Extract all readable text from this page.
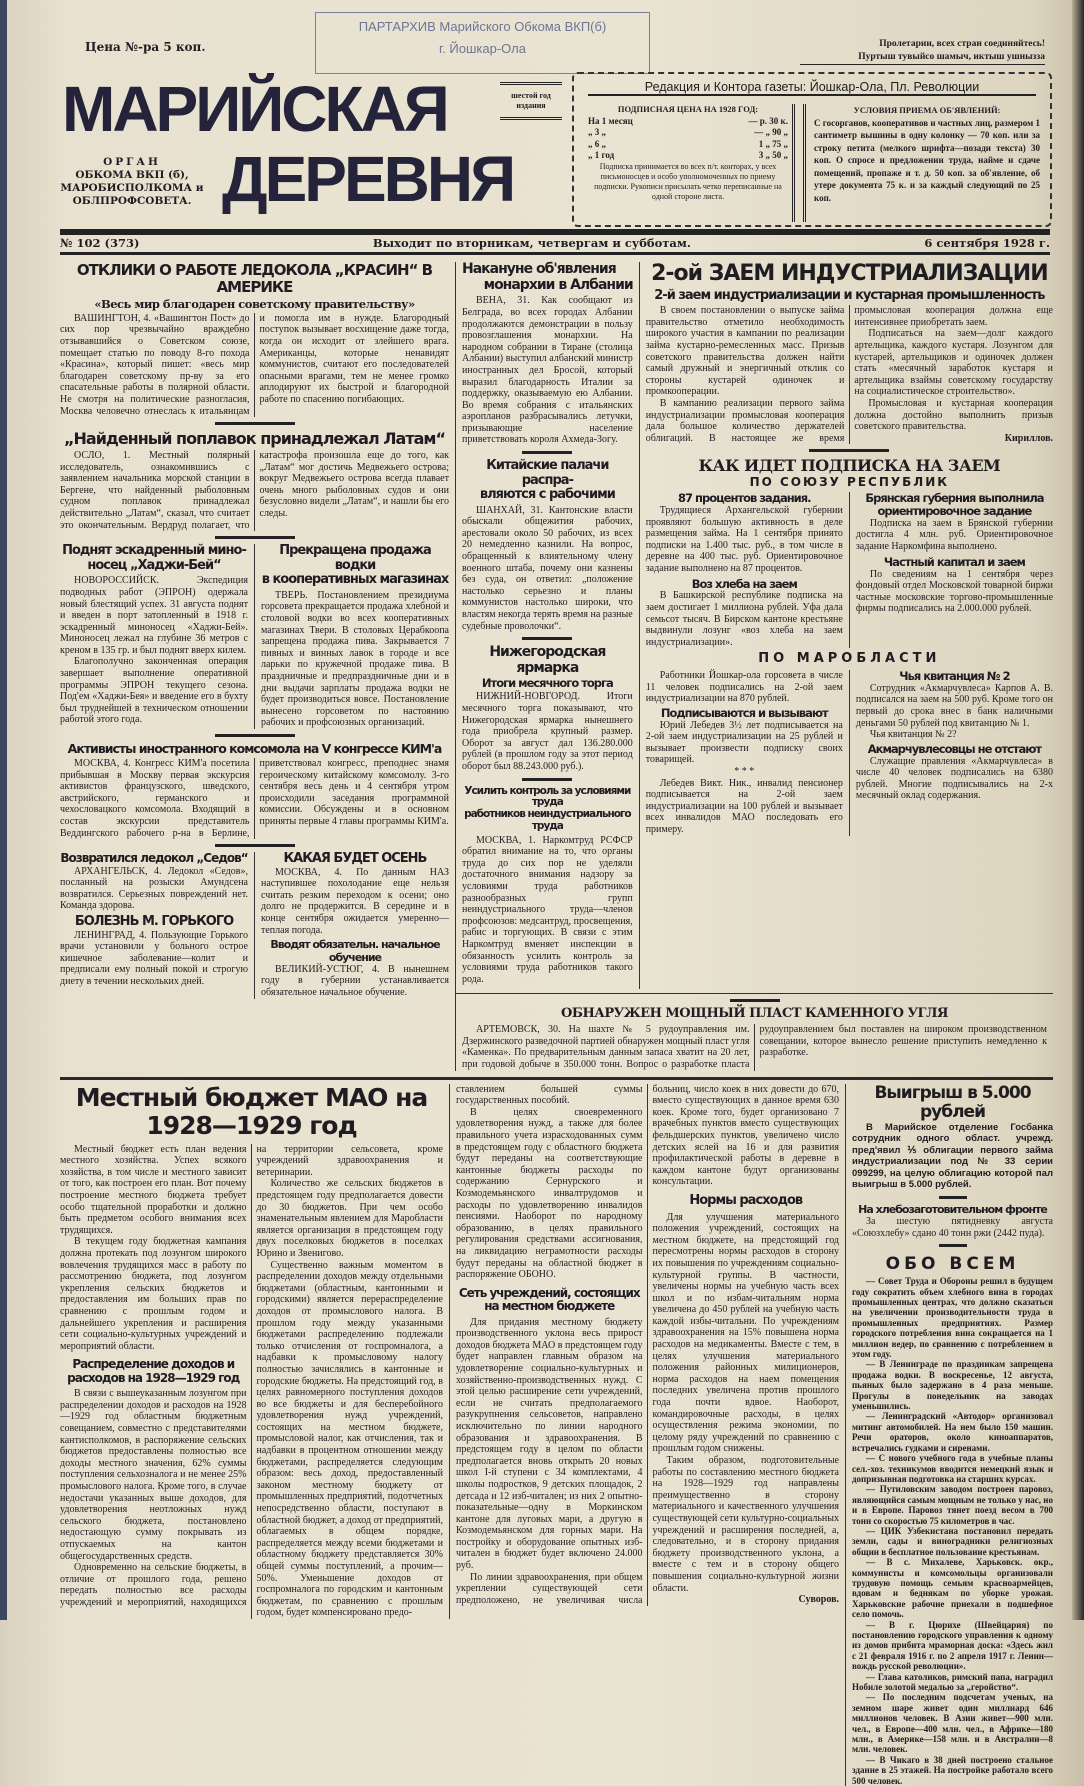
ПАРТАРХИВ Марийского Обкома ВКП(б)
г. Йошкар-Ола
Цена №-ра 5 коп.
МАРИЙСКАЯ
ДЕРЕВНЯ
шестой год издания
ОРГАН
ОБКОМА ВКП (б),
МАРОБИСПОЛКОМА и
ОБЛПРОФСОВЕТА.
Пролетарии, всех стран соединяйтесь!
Пуртыш тувыйсо шамыч, иктыш ушнызза
Редакция и Контора газеты: Йошкар-Ола, Пл. Революции
ПОДПИСНАЯ ЦЕНА НА 1928 ГОД:
На 1 месяц	— р. 30 к.
„ 3 „	— „ 90 „
„ 6 „	1 „ 75 „
„ 1 год	3 „ 50 „
Подписка принимается во всех п/т. конторах, у всех письмоносцев и особо уполномоченных по приему подписки. Рукописи присылать четко переписанные на одной стороне листа.
УСЛОВИЯ ПРИЕМА ОБ'ЯВЛЕНИЙ:
С госорганов, кооперативов и частных лиц, размером 1 сантиметр вышины в одну колонку — 70 коп. или за строку петита (мелкого шрифта—позади текста) 30 коп. О спросе и предложении труда, найме и сдаче помещений, пропаже и т. д. 50 коп. за об'явление, об утере документа 75 к. и за каждый следующий по 25 коп.
№ 102 (373)	Выходит по вторникам, четвергам и субботам.	6 сентября 1928 г.
ОТКЛИКИ О РАБОТЕ ЛЕДОКОЛА „КРАСИН“ В АМЕРИКЕ
«Весь мир благодарен советскому правительству»

ВАШИНГТОН, 4. «Вашингтон Пост» до сих пор чрезвычайно враждебно отзывавшийся о Советском союзе, помещает статью по поводу 8-го похода «Красина», который пишет: «весь мир благодарен советскому пр-ву за его спасательные работы в полярной области. Не смотря на политические разногласия, Москва человечно отнеслась к итальянцам и помогла им в нужде. Благородный поступок вызывает восхищение даже тогда, когда он исходит от злейшего врага. Американцы, которые ненавидят коммунистов, считают его последователей опасными врагами, тем не менее громко аплодируют их быстрой и благородной работе по спасению погибающих.

„Найденный поплавок принадлежал Латам“

ОСЛО, 1. Местный полярный исследователь, ознакомившись с заявлением начальника морской станции в Бергене, что найденный рыболовным судном поплавок принадлежал действительно „Латам“, сказал, что считает это окончательным. Вердруд полагает, что катастрофа произошла еще до того, как „Латам“ мог достичь Медвежьего острова; вокруг Медвежьего острова всегда плавает очень много рыболовных судов и они безусловно видели „Латам“, и нашли бы его следы.

Поднят эскадренный мино-
носец „Хаджи-Бей“

НОВОРОССИЙСК. Экспедиция подводных работ (ЭПРОН) одержала новый блестящий успех. 31 августа поднят и введен в порт затопленный в 1918 г. эскадренный миноносец «Хаджи-Бей». Миноносец лежал на глубине 36 метров с креном в 135 гр. и был поднят вверх килем.

Благополучно законченная операция завершает выполнение оперативной программы ЭПРОН текущего сезона. Под'ем «Хаджи-Бея» и введение его в бухту был труднейшей в техническом отношении работой этого года.

Прекращена продажа водки
в кооперативных магазинах

ТВЕРЬ. Постановлением президиума горсовета прекращается продажа хлебной и столовой водки во всех кооперативных магазинах Твери. В столовых Церабкоопа запрещена продажа пива. Закрывается 7 пивных и винных лавок в городе и все ларьки по кружечной продаже пива. В праздничные и предпраздничные дни и в дни выдачи зарплаты продажа водки не будет производиться вовсе. Постановление вынесено горсоветом по настоянию рабочих и профсоюзных организаций.

Активисты иностранного комсомола на V конгрессе КИМ'а

МОСКВА, 4. Конгресс КИМ'а посетила прибывшая в Москву первая экскурсия активистов французского, шведского, австрийского, германского и чехословацкого комсомола. Входящий в состав экскурсии представитель Веддингского рабочего р-на в Берлине, приветствовал конгресс, преподнес знамя героическому китайскому комсомолу. 3-го сентября весь день и 4 сентября утром происходили заседания программной комиссии. Обсуждены и в основном приняты первые 4 главы программы КИМ'а.

Возвратился ледокол „Седов“

АРХАНГЕЛЬСК, 4. Ледокол «Седов», посланный на розыски Амундсена возвратился. Серьезных повреждений нет. Команда здорова.

БОЛЕЗНЬ М. ГОРЬКОГО

ЛЕНИНГРАД, 4. Пользующие Горького врачи установили у больного острое кишечное заболевание—колит и предписали ему полный покой и строгую диету в течении нескольких дней.

КАКАЯ БУДЕТ ОСЕНЬ

МОСКВА, 4. По данным НАЗ наступившее похолодание еще нельзя считать резким переходом к осени; оно долго не продержится. В середине и в конце сентября ожидается умеренно—теплая погода.

Вводят обязательн. начальное обучение

ВЕЛИКИЙ-УСТЮГ, 4. В нынешнем году в губернии устанавливается обязательное начальное обучение.

Накануне об'явления
монархии в Албании

ВЕНА, 31. Как сообщают из Белграда, во всех городах Албании продолжаются демонстрации в пользу провозглашения монархии. На народном собрании в Тиране (столица Албании) выступил албанский министр иностранных дел Бросой, который выразил благодарность Италии за поддержку, оказываемую ею Албании. Во время собрания с итальянских аэропланов разбрасывались летучки, призывающие население приветствовать короля Ахмеда-Зогу.

Китайские палачи распра-
вляются с рабочими

ШАНХАЙ, 31. Кантонские власти обыскали общежития рабочих, арестовали около 50 рабочих, из всех 20 немедленно казнили. На вопрос, обращенный к влиятельному члену военного штаба, почему они казнены без суда, он ответил: „положение настолько серьезно и планы коммунистов настолько широки, что властям некогда терять время на разные судебные проволочки“.

Нижегородская ярмарка
Итоги месячного торга

НИЖНИЙ-НОВГОРОД. Итоги месячного торга показывают, что Нижегородская ярмарка нынешнего года приобрела крупный размер. Оборот за август дал 136.280.000 рублей (в прошлом году за этот период оборот был 88.243.000 руб.).

Усилить контроль за условиями труда
работников неиндустриального труда

МОСКВА, 1. Наркомтруд РСФСР обратил внимание на то, что органы труда до сих пор не уделяли достаточного внимания надзору за условиями труда работников разнообразных групп неиндустриального труда—членов профсоюзов: медсантруд, просвещения, рабис и торгующих. В связи с этим Наркомтруд вменяет инспекции в обязанность усилить контроль за условиями труда работников такого рода.

2-ой ЗАЕМ ИНДУСТРИАЛИЗАЦИИ
2-й заем индустриализации и кустарная промышленность

В своем постановлении о выпуске займа правительство отметило необходимость широкого участия в кампании по реализации займа кустарно-ремесленных масс. Призыв советского правительства должен найти самый дружный и энергичный отклик со стороны кустарей одиночек и промкооперации.

В кампанию реализации первого займа индустриализации промысловая кооперация дала большое количество держателей облигаций. В настоящее же время промысловая кооперация должна еще интенсивнее приобретать заем.

Подписаться на заем—долг каждого артельщика, каждого кустаря. Лозунгом для кустарей, артельщиков и одиночек должен стать «месячный заработок кустаря и артельщика взаймы советскому государству на социалистическое строительство».

Промысловая и кустарная кооперация должна достойно выполнить призыв советского правительства.

Кириллов.
КАК ИДЕТ ПОДПИСКА НА ЗАЕМ
ПО СОЮЗУ РЕСПУБЛИК
87 процентов задания.

Трудящиеся Архангельской губернии проявляют большую активность в деле размещения займа. На 1 сентября принято подписки на 1.400 тыс. руб., в том числе в деревне на 400 тыс. руб. Ориентировочное задание выполнено на 87 процентов.

Воз хлеба на заем

В Башкирской республике подписка на заем достигает 1 миллиона рублей. Уфа дала семьсот тысяч. В Бирском кантоне крестьяне выдвинули лозунг «воз хлеба на заем индустриализации».

Брянская губерния выполнила ориентировочное задание

Подписка на заем в Брянской губернии достигла 4 млн. руб. Ориентировочное задание Наркомфина выполнено.

Частный капитал и заем

По сведениям на 1 сентября через фондовый отдел Московской товарной биржи частные московские торгово-промышленные фирмы подписались на 2.000.000 рублей.

ПО МАРОБЛАСТИ

Работники Йошкар-ола горсовета в числе 11 человек подписались на 2-ой заем индустриализации на 870 рублей.

Подписываются и вызывают

Юрий Лебедев 3½ лет подписывается на 2-ой заем индустриализации на 25 рублей и вызывает произвести подписку своих товарищей.

* * *

Лебедев Викт. Ник., инвалид пенсионер подписывается на 2-ой заем индустриализации на 100 рублей и вызывает всех инвалидов МАО последовать его примеру.

Чья квитанция № 2

Сотрудник «Акмарчувлеса» Карпов А. В. подписался на заем на 500 руб. Кроме того он первый до срока внес в банк наличными деньгами 50 рублей под квитанцию № 1.

Чья квитанция № 2?

Акмарчувлесовцы не отстают

Служащие правления «Акмарчувлеса» в числе 40 человек подписались на 6380 рублей. Многие подписывались на 2-х месячный оклад содержания.

ОБНАРУЖЕН МОЩНЫЙ ПЛАСТ КАМЕННОГО УГЛЯ

АРТЕМОВСК, 30. На шахте № 5 рудоуправления им. Дзержинского разведочной партией обнаружен мощный пласт угля «Каменка». По предварительным данным запаса хватит на 20 лет, при годовой добыче в 350.000 тонн. Вопрос о разработке пласта рудоуправлением был поставлен на широком производственном совещании, которое вынесло решение приступить немедленно к разработке.

Местный бюджет МАО на 1928—1929 год

Местный бюджет есть план ведения местного хозяйства. Успех всякого хозяйства, в том числе и местного зависит от того, как построен его план. Вот почему построение местного бюджета требует особо тщательной проработки и должно быть предметом особого внимания всех трудящихся.

В текущем году бюджетная кампания должна протекать под лозунгом широкого вовлечения трудящихся масс в работу по рассмотрению бюджета, под лозунгом укрепления сельских бюджетов и предоставления им больших прав по сравнению с прошлым годом и дальнейшего укрепления и расширения сети социально-культурных учреждений и мероприятий области.

Распределение доходов и расходов на 1928—1929 год

В связи с вышеуказанным лозунгом при распределении доходов и расходов на 1928—1929 год областным бюджетным совещанием, совместно с представителями кантисполкомов, в распоряжение сельских бюджетов предоставлены полностью все доходы местного значения, 62% суммы поступления сельхозналога и не менее 25% промыслового налога. Кроме того, в случае недостачи указанных выше доходов, для удовлетворения неотложных нужд сельского бюджета, постановлено недостающую сумму покрывать из отпускаемых на кантон общегосударственных средств.

Одновременно на сельские бюджеты, в отличие от прошлого года, решено передать полностью все расходы учреждений и мероприятий, находящихся на территории сельсовета, кроме учреждений здравоохранения и ветеринарии.

Количество же сельских бюджетов в предстоящем году предполагается довести до 30 бюджетов. При чем особо знаменательным явлением для Маробласти является организация в предстоящем году двух поселковых бюджетов в поселках Юрино и Звенигово.

Существенно важным моментом в распределении доходов между отдельными бюджетами (областным, кантонными и городскими) является перераспределение доходов от промыслового налога. В прошлом году между указанными бюджетами распределению подлежали только отчисления от госпромналога, а надбавки к промысловому налогу полностью зачислялись в кантонные и городские бюджеты. На предстоящий год, в целях равномерного поступления доходов во все бюджеты и для бесперебойного удовлетворения нужд учреждений, состоящих на местном бюджете, промысловой налог, как отчисления, так и надбавки в процентном отношении между бюджетами, распределяется следующим образом: весь доход, предоставленный законом местному бюджету от промышленных предприятий, подотчетных непосредственно области, поступают в областной бюджет, а доход от предприятий, облагаемых в общем порядке, распределяется между всеми бюджетами и областному бюджету представляется 30% общей суммы поступлений, а прочим—50%. Уменьшение доходов от госпромналога по городским и кантонным бюджетам, по сравнению с прошлым годом, будет компенсировано предо-

ставлением большей суммы государственных пособий.

В целях своевременного удовлетворения нужд, а также для более правильного учета израсходованных сумм в предстоящем году с областного бюджета будут переданы на соответствующие кантонные бюджеты расходы по содержанию Сернурского и Козмодемьянского инвалтрудомов и расходы по удовлетворению инвалидов пенсиями. Наоборот по народному образованию, в целях правильного регулирования средствами ассигнования, на ликвидацию неграмотности расходы будут переданы на областной бюджет в распоряжение ОБОНО.

Сеть учреждений, состоящих на местном бюджете

Для придания местному бюджету производственного уклона весь прирост доходов бюджета МАО в предстоящем году будет направлен главным образом на удовлетворение социально-культурных и хозяйственно-производственных нужд. С этой целью расширение сети учреждений, если не считать предполагаемого разукрупнения сельсоветов, направлено исключительно по линии народного образования и здравоохранения. В предстоящем году в целом по области предполагается вновь открыть 20 новых школ I-й ступени с 34 комплектами, 4 школы подростков, 9 детских площадок, 2 детсада и 12 изб-читален; из них 2 опытно-показательные—одну в Моркинском кантоне для луговых мари, а другую в Козмодемьянском для горных мари. На постройку и оборудование опытных изб-читален в бюджет будет включено 24.000 руб.

По линии здравоохранения, при общем укреплении существующей сети предположено, не увеличивая числа больниц, число коек в них довести до 670, вместо существующих в данное время 630 коек. Кроме того, будет организовано 7 врачебных пунктов вместо существующих фельдшерских пунктов, увеличено число детских яслей на 16 и для развития профилактической работы в деревне в каждом кантоне будут организованы консультации.

Нормы расходов

Для улучшения материального положения учреждений, состоящих на местном бюджете, на предстоящий год пересмотрены нормы расходов в сторону их повышения по учреждениям социально-культурной группы. В частности, увеличены нормы на учебную часть всех школ и по избам-читальням норма увеличена до 450 рублей на учебную часть каждой избы-читальни. По учреждениям здравоохранения на 15% повышена норма расходов на медикаменты. Вместе с тем, в целях улучшения материального положения районных милиционеров, норма расходов на наем помещения последних увеличена против прошлого года почти вдвое. Наоборот, командировочные расходы, в целях осуществления режима экономии, по целому ряду учреждений по сравнению с прошлым годом снижены.

Таким образом, подготовительные работы по составлению местного бюджета на 1928—1929 год направлены преимущественно в сторону материального и качественного улучшения существующей сети культурно-социальных учреждений и расширения последней, а, следовательно, и в сторону придания бюджету производственного уклона, а вместе с тем и в сторону общего повышения социально-культурной жизни области.

Суворов.
Выигрыш в 5.000 рублей

В Марийское отделение Госбанка сотрудник одного област. учрежд. пред'явил ⅕ облигации первого займа индустриализации под № 33 серии 099299, на целую облигацию которой пал выигрыш в 5.000 рублей.

На хлебозаготовительном фронте

За шестую пятидневку августа «Союзхлебу» сдано 40 тонн ржи (2442 пуда).

ОБО ВСЕМ

— Совет Труда и Обороны решил в будущем году сократить объем хлебного вина в городах промышленных центрах, что должно сказаться на увеличении производительности труда в промышленных предприятиях. Размер городского потребления вина сокращается на 1 миллион ведер, по сравнению с потреблением в этом году.

— В Ленинграде по праздникам запрещена продажа водки. В воскресенье, 12 августа, пьяных было задержано в 4 раза меньше. Прогулы в понедельник на заводах уменьшились.

— Ленинградский «Автодор» организовал митинг автомобилей. На нем было 150 машин. Речи ораторов, около киноаппаратов, встречались гудками и сиренами.

— С нового учебного года в учебные планы сел.-хоз. техникумов вводится немецкий язык и допризывная подготовка на старших курсах.

— Путиловским заводом построен паровоз, являющийся самым мощным не только у нас, но и в Европе. Паровоз тянет поезд весом в 700 тонн со скоростью 75 километров в час.

— ЦИК Узбекистана постановил передать земли, сады и виноградники религиозных общин в бесплатное пользование крестьянам.

— В с. Михалеве, Харьковск. окр., коммунисты и комсомольцы организовали трудовую помощь семьям красноармейцев, вдовам и беднякам по уборке урожая. Харьковские рабочие приехали в подшефное село помочь.

— В г. Цюрихе (Швейцария) по постановлению городского управления к одному из домов прибита мраморная доска: «Здесь жил с 21 февраля 1916 г. по 2 апреля 1917 г. Ленин—вождь русской революции».

— Глава католиков, римский папа, наградил Нобиле золотой медалью за „геройство“.

— По последним подсчетам ученых, на земном шаре живет один миллиард 646 миллионов человек. В Азии живет—900 млн. чел., в Европе—400 млн. чел., в Африке—180 млн., в Америке—158 млн. и в Австралии—8 млн. человек.

— В Чикаго в 38 дней построено стальное здание в 25 этажей. На постройке работало всего 500 человек.
